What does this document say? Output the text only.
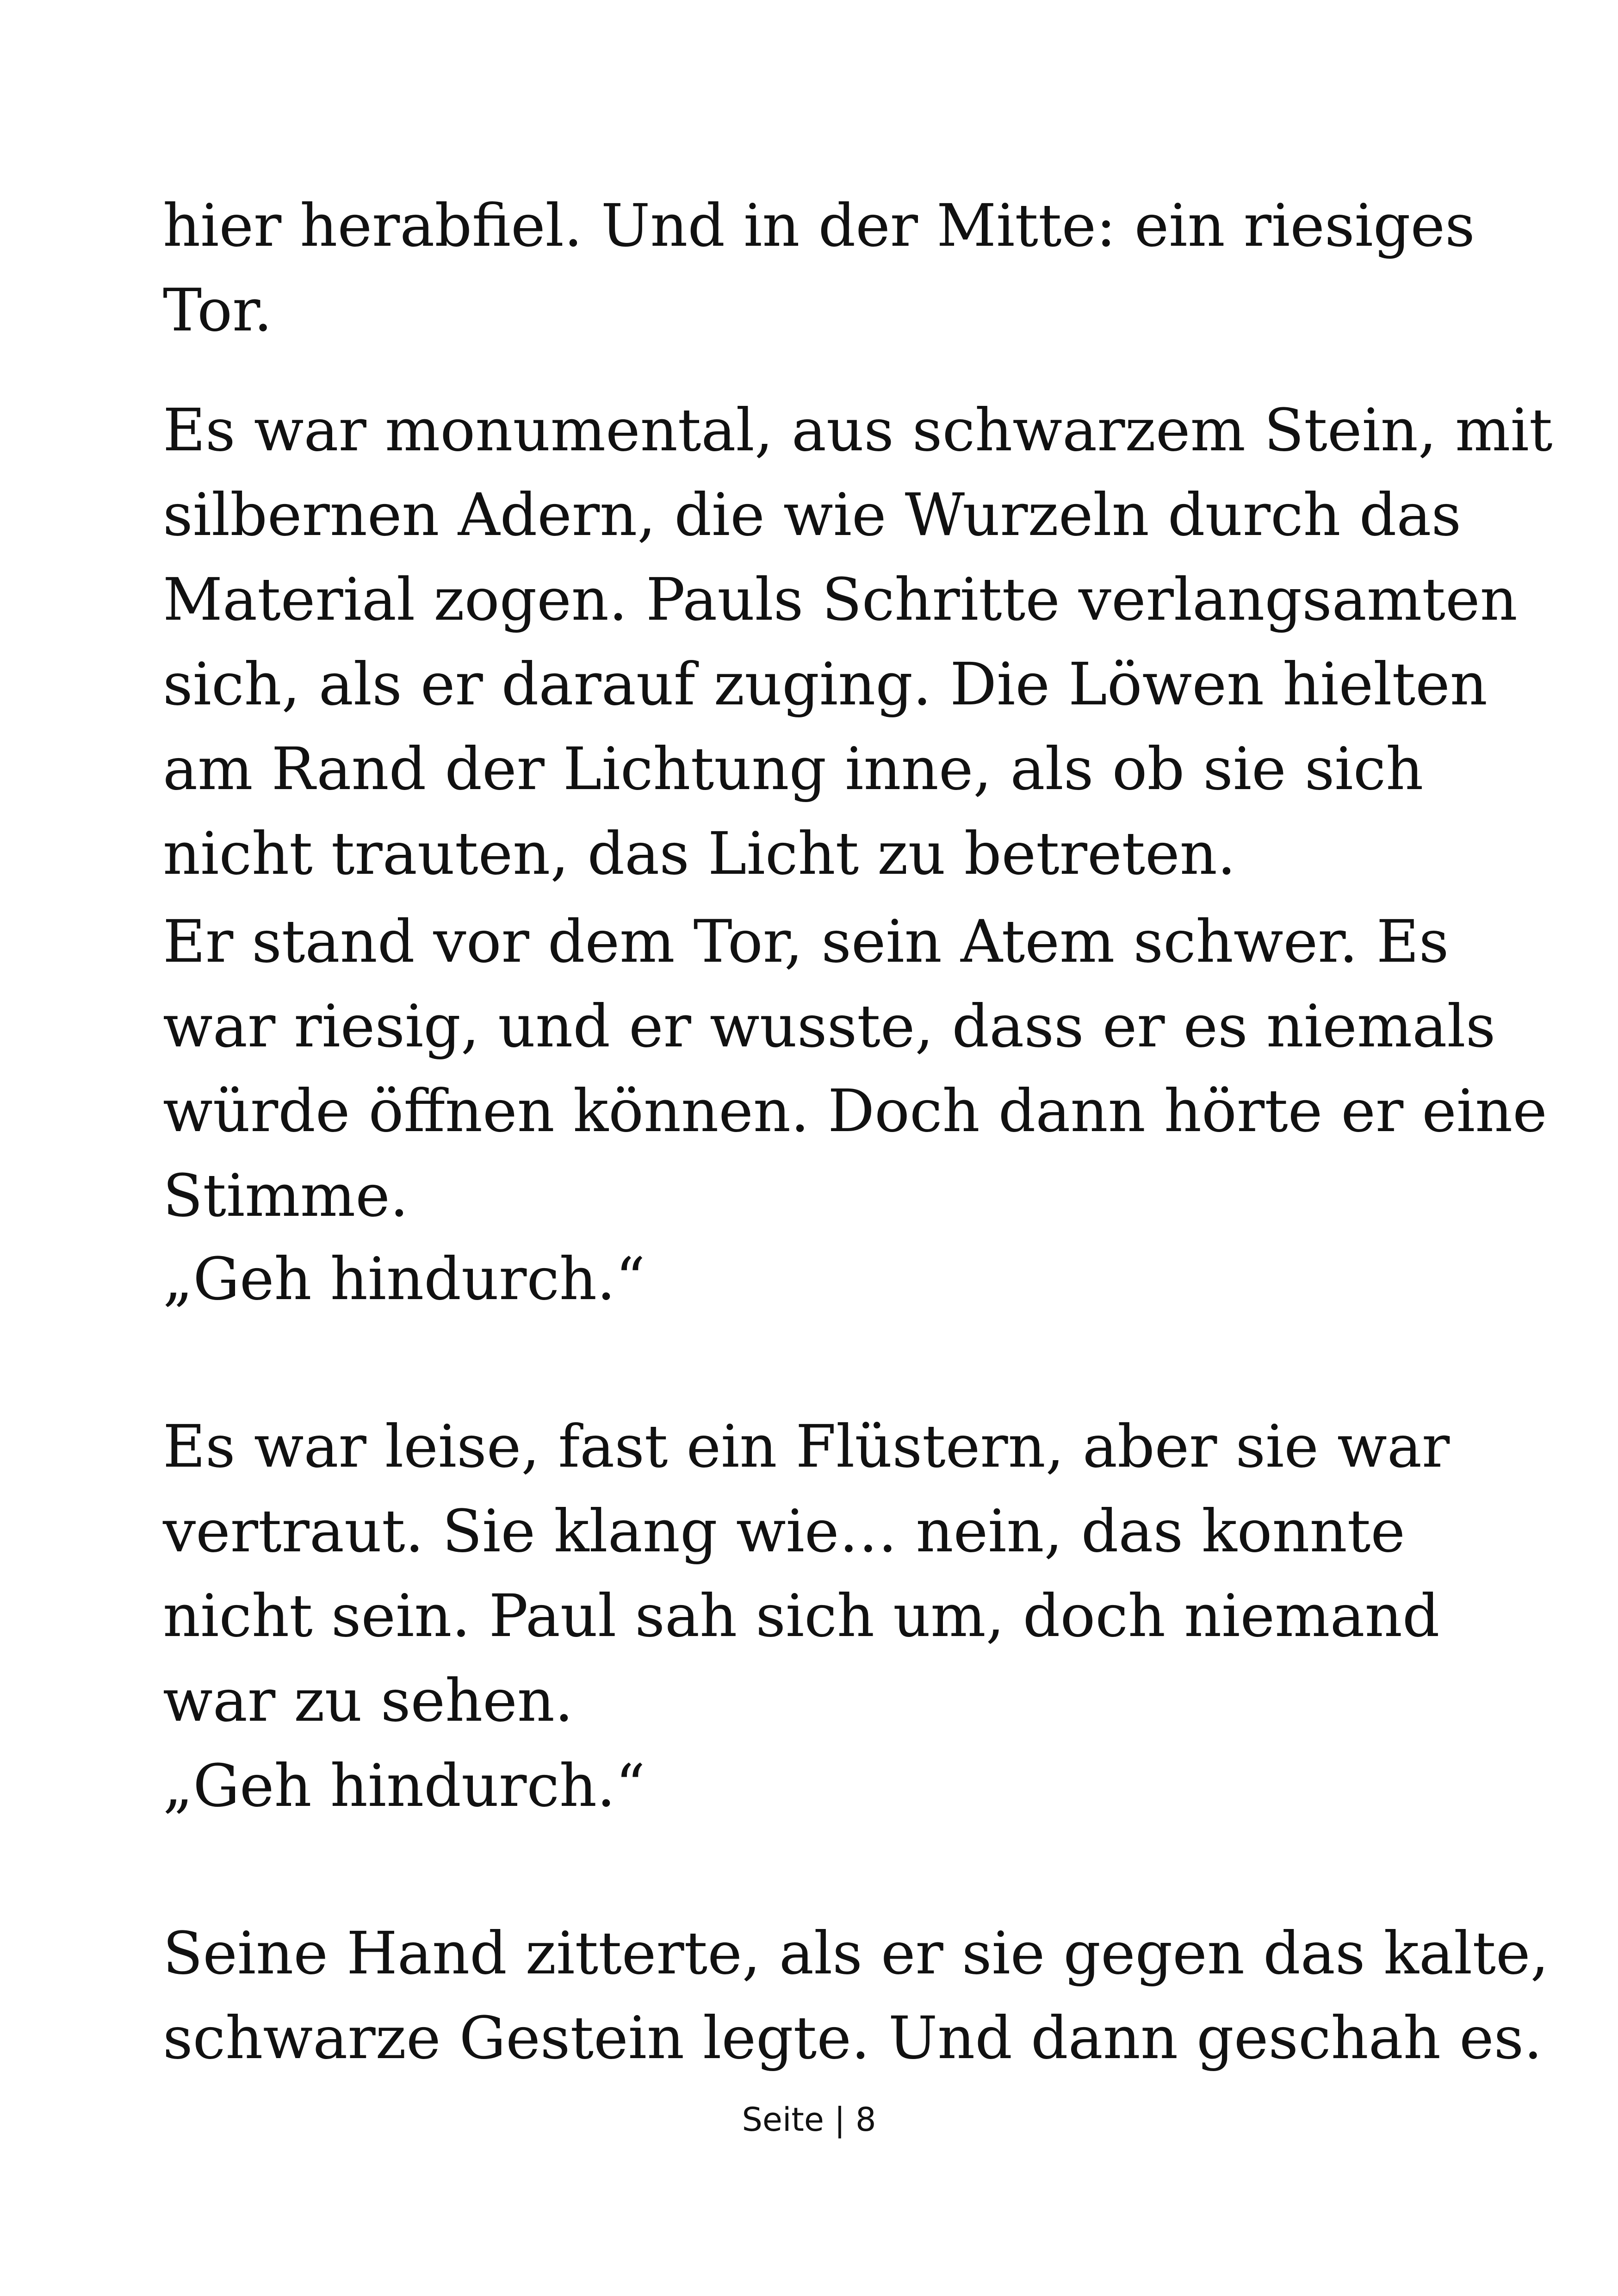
hier herabfiel. Und in der Mitte: ein riesiges
Tor.

Es war monumental, aus schwarzem Stein, mit
silbernen Adern, die wie Wurzeln durch das
Material zogen. Pauls Schritte verlangsamten
sich, als er darauf zuging. Die Löwen hielten
am Rand der Lichtung inne, als ob sie sich
nicht trauten, das Licht zu betreten.

Er stand vor dem Tor, sein Atem schwer. Es
war riesig, und er wusste, dass er es niemals
würde öffnen können. Doch dann hörte er eine
Stimme.

„Geh hindurch.“

Es war leise, fast ein Flüstern, aber sie war
vertraut. Sie klang wie… nein, das konnte
nicht sein. Paul sah sich um, doch niemand
war zu sehen.

„Geh hindurch.“

Seine Hand zitterte, als er sie gegen das kalte,
schwarze Gestein legte. Und dann geschah es.

Seite | 8
